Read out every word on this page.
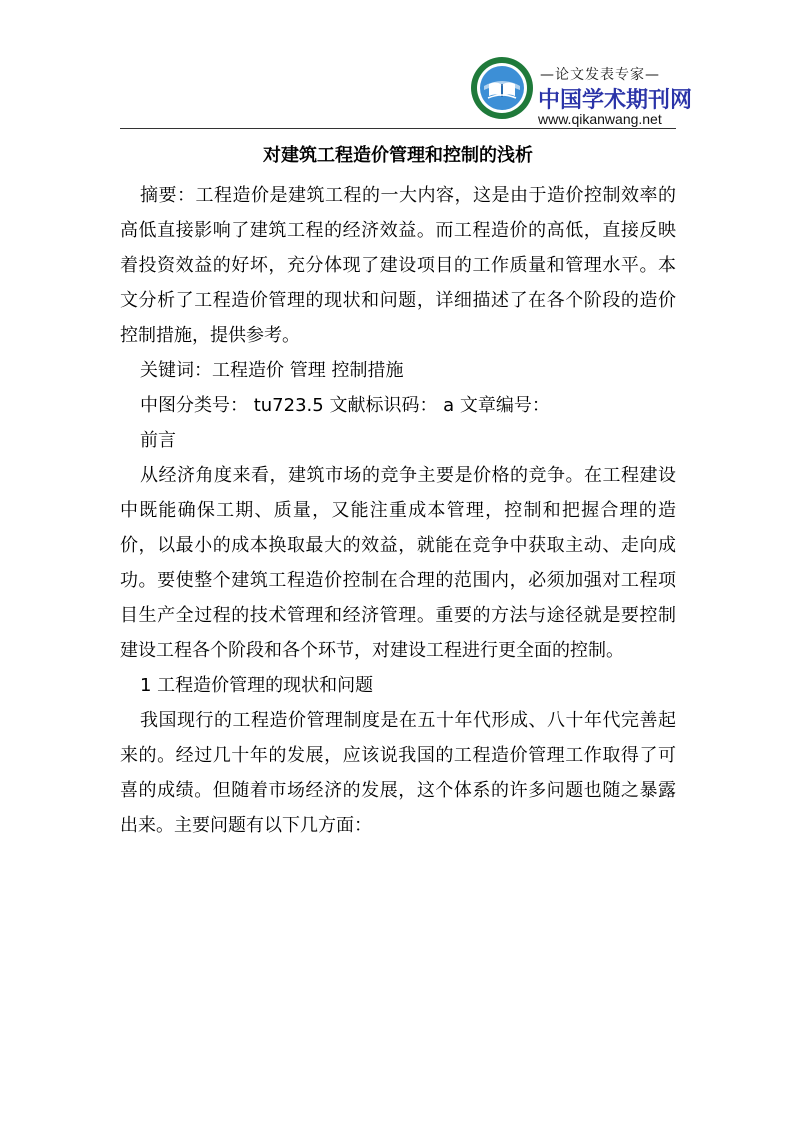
—论文发表专家—
中国学术期刊网
www.qikanwang.net
对建筑工程造价管理和控制的浅析

摘要：工程造价是建筑工程的一大内容，这是由于造价控制效率的高低直接影响了建筑工程的经济效益。而工程造价的高低，直接反映着投资效益的好坏，充分体现了建设项目的工作质量和管理水平。本文分析了工程造价管理的现状和问题，详细描述了在各个阶段的造价控制措施，提供参考。

关键词：工程造价 管理 控制措施

中图分类号： tu723.5 文献标识码： a 文章编号：

前言

从经济角度来看，建筑市场的竞争主要是价格的竞争。在工程建设中既能确保工期、质量，又能注重成本管理，控制和把握合理的造价，以最小的成本换取最大的效益，就能在竞争中获取主动、走向成功。要使整个建筑工程造价控制在合理的范围内，必须加强对工程项目生产全过程的技术管理和经济管理。重要的方法与途径就是要控制建设工程各个阶段和各个环节，对建设工程进行更全面的控制。

1 工程造价管理的现状和问题

我国现行的工程造价管理制度是在五十年代形成、八十年代完善起来的。经过几十年的发展，应该说我国的工程造价管理工作取得了可喜的成绩。但随着市场经济的发展，这个体系的许多问题也随之暴露出来。主要问题有以下几方面：
